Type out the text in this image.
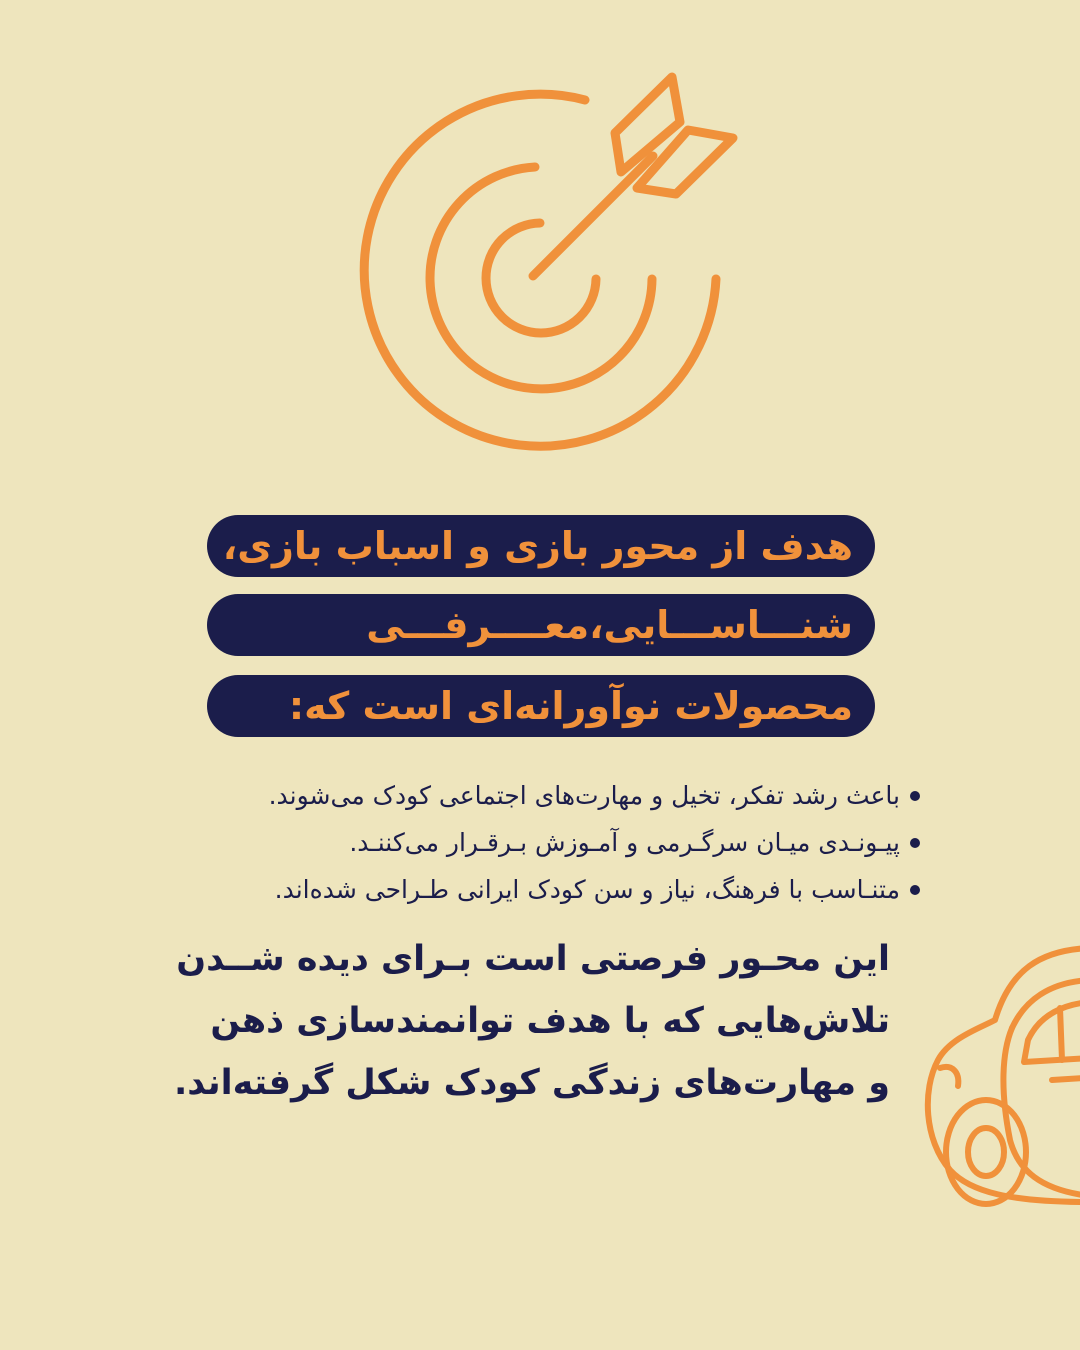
هدف از محور بازی و اسباب بازی،
شنـــاســـایی،معــــرفـــی
محصولات نوآورانه‌ای است که:
باعث رشد تفکر، تخیل و مهارت‌های اجتماعی کودک می‌شوند.
پیـونـدی میـان سرگـرمی و آمـوزش بـرقـرار می‌کننـد.
متنـاسب با فرهنگ، نیاز و سن کودک ایرانی طـراحی شده‌اند.
این محـور فرصتی است بـرای دیده شــدن
تلاش‌هایی که با هدف توانمندسازی ذهن
و مهارت‌های زندگی کودک شکل گرفته‌اند.
